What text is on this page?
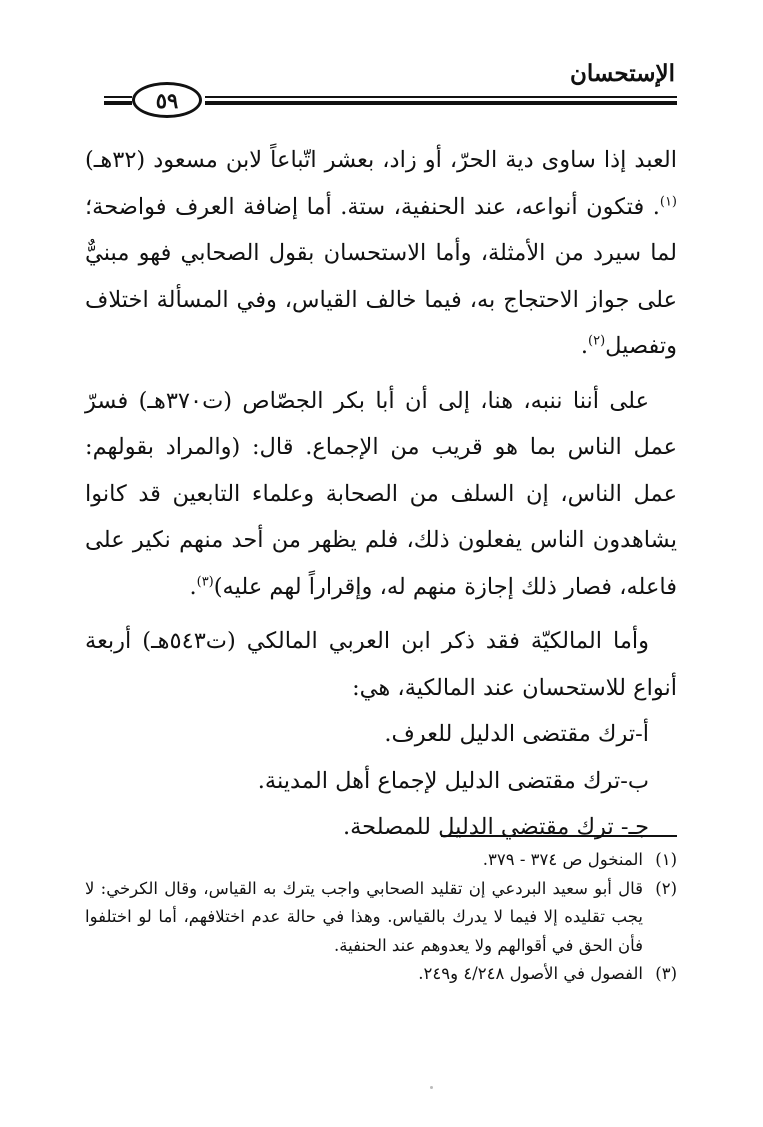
الإستحسان
٥٩

العبد إذا ساوى دية الحرّ، أو زاد، بعشر اتّباعاً لابن مسعود (٣٢هـ)$^{(١)}$. فتكون أنواعه، عند الحنفية، ستة. أما إضافة العرف فواضحة؛ لما سيرد من الأمثلة، وأما الاستحسان بقول الصحابي فهو مبنيٌّ على جواز الاحتجاج به، فيما خالف القياس، وفي المسألة اختلاف وتفصيل$^{(٢)}$.

على أننا ننبه، هنا، إلى أن أبا بكر الجصّاص (ت٣٧٠هـ) فسرّ عمل الناس بما هو قريب من الإجماع. قال: (والمراد بقولهم: عمل الناس، إن السلف من الصحابة وعلماء التابعين قد كانوا يشاهدون الناس يفعلون ذلك، فلم يظهر من أحد منهم نكير على فاعله، فصار ذلك إجازة منهم له، وإقراراً لهم عليه)$^{(٣)}$.

وأما المالكيّة فقد ذكر ابن العربي المالكي (ت٥٤٣هـ) أربعة أنواع للاستحسان عند المالكية، هي:

أ-ترك مقتضى الدليل للعرف.

ب-ترك مقتضى الدليل لإجماع أهل المدينة.

جـ- ترك مقتضي الدليل للمصلحة.

(١)
المنخول ص ٣٧٤ - ٣٧٩.
(٢)
قال أبو سعيد البردعي إن تقليد الصحابي واجب يترك به القياس، وقال الكرخي: لا يجب تقليده إلا فيما لا يدرك بالقياس. وهذا في حالة عدم اختلافهم، أما لو اختلفوا فأن الحق في أقوالهم ولا يعدوهم عند الحنفية.
(٣)
الفصول في الأصول ٤/٢٤٨ و٢٤٩.
